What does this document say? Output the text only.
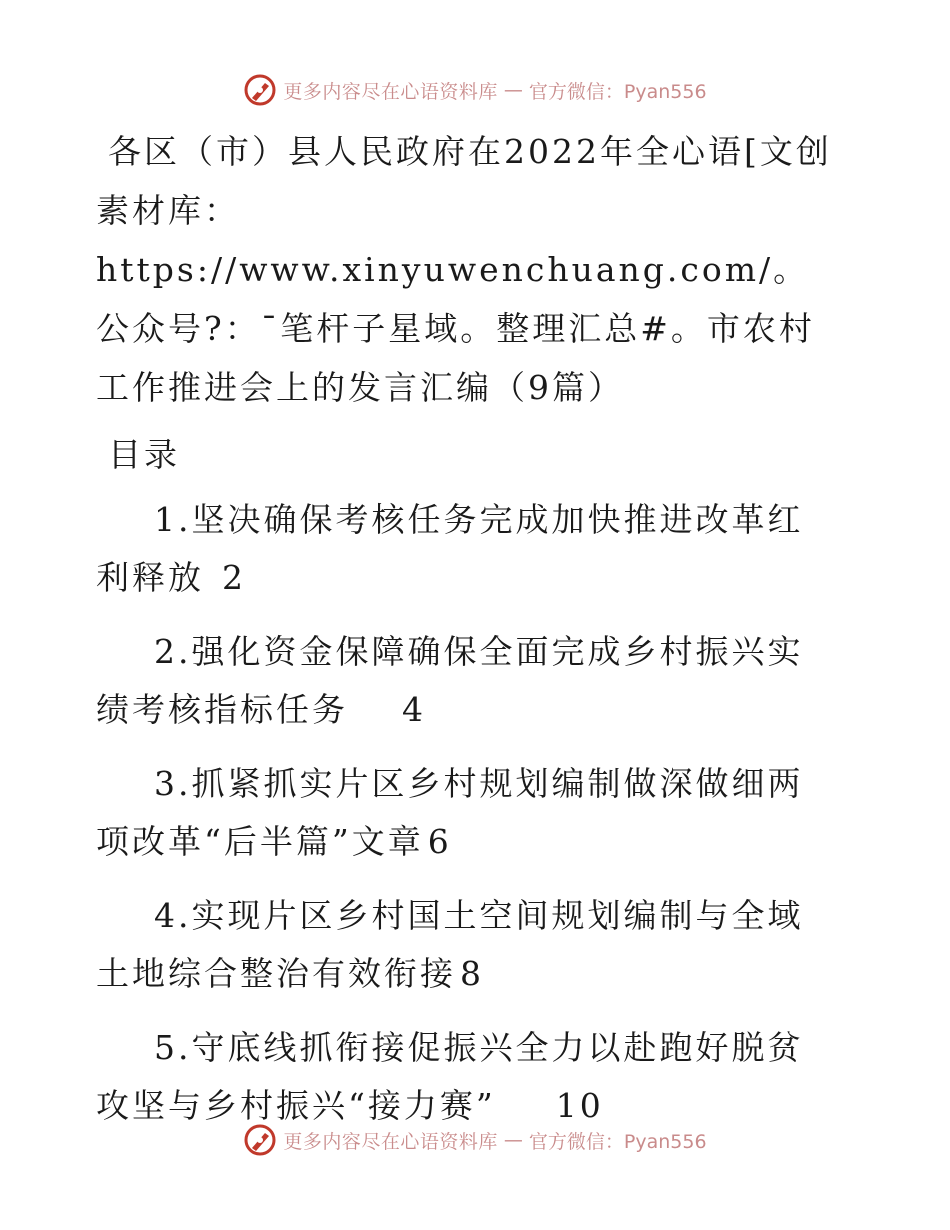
更多内容尽在心语资料库 — 官方微信：Pyan556

各区（市）县人民政府在2022年全心语[文创素材库：https://www.xinyuwenchuang.com/。公众号?：¯笔杆子星域。整理汇总#。市农村工作推进会上的发言汇编（9篇）

目录

1.坚决确保考核任务完成加快推进改革红利释放 2
2.强化资金保障确保全面完成乡村振兴实绩考核指标任务 4
3.抓紧抓实片区乡村规划编制做深做细两项改革“后半篇”文章 6
4.实现片区乡村国土空间规划编制与全域土地综合整治有效衔接 8
5.守底线抓衔接促振兴全力以赴跑好脱贫攻坚与乡村振兴“接力赛” 10
更多内容尽在心语资料库 — 官方微信：Pyan556
